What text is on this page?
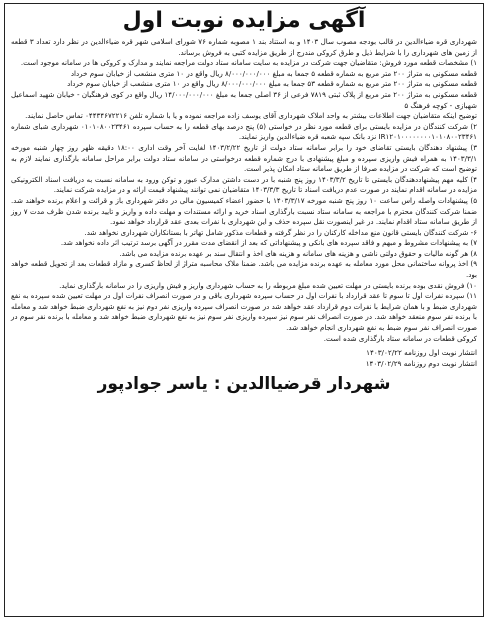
آگهی مزایده نوبت اول

شهرداری قره ضیاءالدین در قالب بودجه مصوب سال ۱۴۰۳ و به استناد بند ۱ مصوبه شماره ۷۶ شورای اسلامی شهر قره ضیاءالدین در نظر دارد تعداد ۳ قطعه از زمین های شهرداری را با شرایط ذیل و طرق کروکی مندرج از طریق مزایده کتبی به فروش برساند.

۱) مشخصات قطعه مورد فروش: متقاضیان جهت شرکت در مزایده به سایت سامانه ستاد دولت مراجعه نمایند و مدارک و کروکی ها در سامانه موجود است.

قطعه مسکونی به متراژ ۲۰۰ متر مربع به شماره قطعه ۵ جمعا به مبلغ ۸/۰۰۰/۰۰۰/۰۰۰ ریال واقع در ۱۰ متری منشعب از خیابان سوم خرداد

قطعه مسکونی به متراژ ۲۰۰ متر مربع به شماره قطعه ۵۳ جمعا به مبلغ ۸/۰۰۰/۰۰۰/۰۰۰ ریال واقع در ۱۰ متری منشعب از خیابان سوم خرداد

قطعه مسکونی به متراژ ۲۰۰ متر مربع از پلاک ثبتی ۷۸۱۹ فرعی از ۳۶ اصلی جمعا به مبلغ ۱۴/۰۰۰/۰۰۰/۰۰۰ ریال واقع در کوی فرهنگیان - خیابان شهید اسماعیل شهبازی - کوچه فرهنگ ۵

توضیح اینکه متقاضیان جهت اطلاعات بیشتر به واحد املاک شهرداری آقای یوسف زاده مراجعه نموده و یا با شماره تلفن ۰۴۴۳۴۶۷۲۲۱۶ تماس حاصل نمایند.

۲) شرکت کنندگان در مزایده بایستی برای قطعه مورد نظر در خواستی (۵) پنج درصد بهای قطعه را به حساب سپرده ۰۱۰۱۰۸۰۰۲۳۴۶۱ شهرداری شبای شماره IR۱۲۰۱۰۰۰۰۰۰۰۰۱۰۱۰۸۰۰۲۳۴۶۱ نزد بانک سپه شعبه قره ضیاءالدین واریز نمایند.

۳) پیشنهاد دهندگان بایستی تقاضای خود را برابر سامانه ستاد دولت از تاریخ ۱۴۰۳/۲/۲۲ لغایت آخر وقت اداری ۱۸:۰۰ دقیقه ظهر روز چهار شنبه مورخه ۱۴۰۳/۳/۱ به همراه فیش واریزی سپرده و مبلغ پیشنهادی با درج شماره قطعه درخواستی در سامانه ستاد دولت برابر مراحل سامانه بارگذاری نمایند لازم به توضیح است که شرکت در مزایده صرفا از طریق سامانه ستاد امکان پذیر است.

۴) کلیه مهم پیشنهاددهندگان بایستی تا تاریخ ۱۴۰۳/۳/۲ روز پنج شنبه با در دست داشتن مدارک عبور و توکن ورود به سامانه نسبت به دریافت اسناد الکترونیکی مزایده در سامانه اقدام نمایند در صورت عدم دریافت اسناد تا تاریخ ۱۴۰۳/۳/۳ متقاضیان نمی توانند پیشنهاد قیمت ارائه و در مزایده شرکت نمایند.

۵) پیشنهادات واصله راس ساعت ۱۰ روز پنج شنبه مورخه ۱۴۰۳/۳/۱۷ با حضور اعضاء کمیسیون مالی در دفتر شهرداری باز و قرائت و اعلام برنده خواهند شد. ضمنا شرکت کنندگان محترم با مراجعه به سامانه ستاد نسبت بارگذاری اسناد خرید و ارائه مستندات و مهلت داده و واریز و تایید برنده شدن ظرف مدت ۷ روز از طریق سامانه ستاد اقدام نمایند. در غیر اینصورت نقل سپرده حذف و این شهرداری با نفرات بعدی عقد قرارداد خواهد نمود.

۶- شرکت کنندگان بایستی قانون منع مداخله کارکنان را در نظر گرفته و قطعات مذکور شامل تهاتر با بستانکاران شهرداری نخواهد شد.

۷) به پیشنهادات مشروط و مبهم و فاقد سپرده های بانکی و پیشنهاداتی که بعد از انقضای مدت مقرر در آگهی برسد ترتیب اثر داده نخواهد شد.

۸) هر گونه مالیات و حقوق دولتی ناشی و هزینه های سامانه و هزینه های اخذ و انتقال سند بر عهده برنده مزایده می باشد.

۹) اخذ پروانه ساختمانی محل مورد معامله به عهده برنده مزایده می باشد. ضمنا ملاک محاسبه متراژ از لحاظ کسری و مازاد قطعات بعد از تحویل قطعه خواهد بود.

۱۰) فروش نقدی بوده برنده بایستی در مهلت تعیین شده مبلغ مربوطه را به حساب شهرداری واریز و فیش واریزی را در سامانه بارگذاری نماید.

۱۱) سپرده نفرات اول تا سوم تا عقد قرارداد با نفرات اول در حساب سپرده شهرداری باقی و در صورت انصراف نفرات اول در مهلت تعیین شده سپرده به نفع شهرداری ضبط و با همان شرایط با نفرات دوم قرارداد عقد خواهد شد در صورت انصراف سپرده واریزی نفر دوم نیز به نفع شهرداری ضبط خواهد شد و معامله با برنده نفر سوم منعقد خواهد شد. در صورت انصراف نفر سوم نیز سپرده واریزی نفر سوم نیز به نفع شهرداری ضبط خواهد شد و معامله با برنده نفر سوم در صورت انصراف نفر سوم ضبط به نفع شهرداری انجام خواهد شد.

کروکی قطعات در سامانه ستاد بارگذاری شده است.

انتشار نوبت اول روزنامه ۱۴۰۳/۰۲/۲۲
انتشار نوبت دوم روزنامه ۱۴۰۳/۰۲/۲۹
شهردار قرضیاالدین : یاسر جوادپور
